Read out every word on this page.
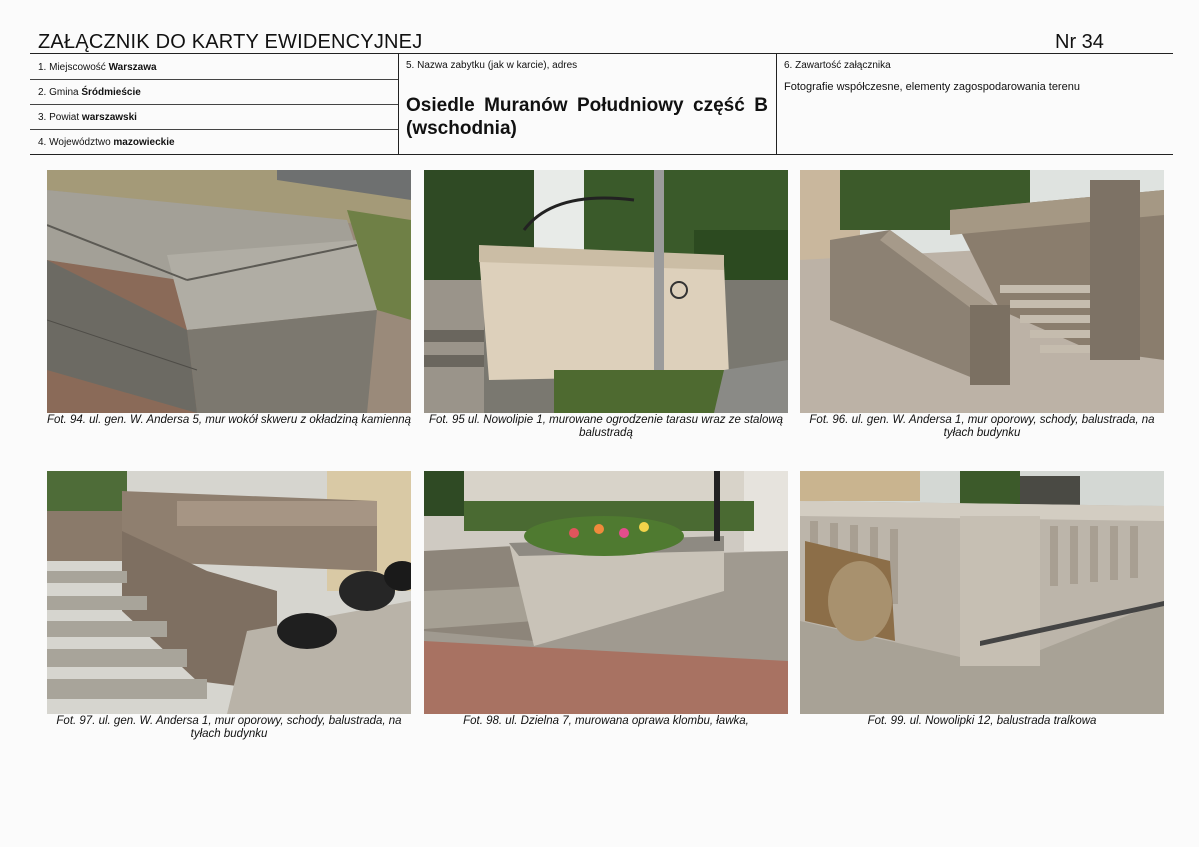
ZAŁĄCZNIK DO KARTY EWIDENCYJNEJ	Nr 34
1. Miejscowość Warszawa
2. Gmina Śródmieście
3. Powiat warszawski
4. Województwo mazowieckie
5. Nazwa zabytku (jak w karcie), adres
Osiedle Muranów Południowy część B (wschodnia)
6. Zawartość załącznika
Fotografie współczesne, elementy zagospodarowania terenu
Fot. 94. ul. gen. W. Andersa 5, mur wokół skweru z okładziną kamienną	Fot. 95 ul. Nowolipie 1, murowane ogrodzenie tarasu wraz ze stalową balustradą
Fot. 96. ul. gen. W. Andersa 1, mur oporowy, schody, balustrada, na tyłach budynku
Fot. 97. ul. gen. W. Andersa 1, mur oporowy, schody, balustrada, na tyłach budynku
Fot. 98. ul. Dzielna 7, murowana oprawa klombu, ławka,	Fot. 99. ul. Nowolipki 12, balustrada tralkowa
